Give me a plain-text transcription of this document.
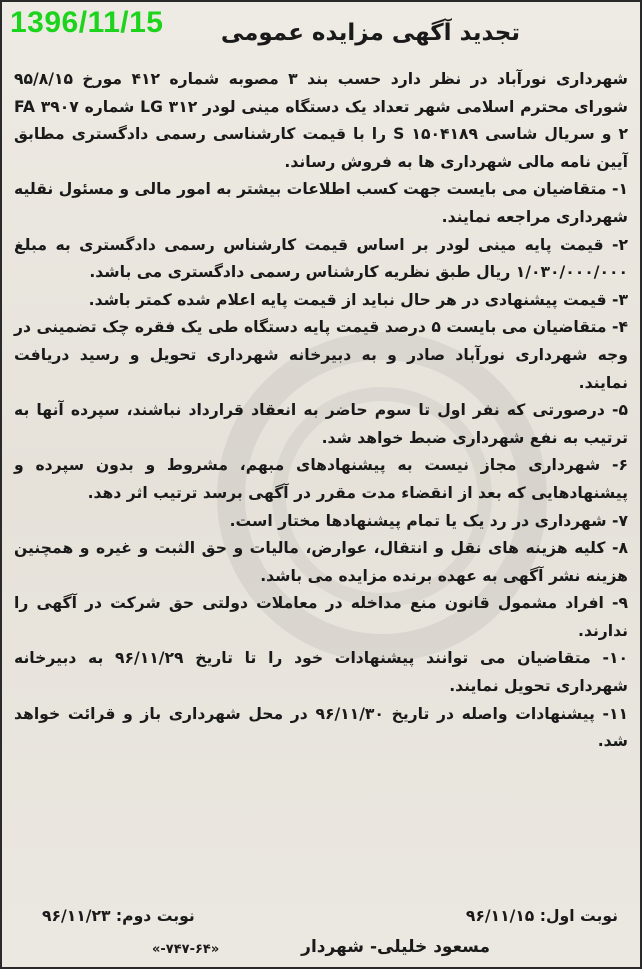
1396/11/15 تجدید آگهی مزایده عمومی

شهرداری نورآباد در نظر دارد حسب بند ۳ مصوبه شماره ۴۱۲ مورخ ۹۵/۸/۱۵ شورای محترم اسلامی شهر تعداد یک دستگاه مینی لودر LG ۳۱۲ شماره ۳۹۰۷ FA ۲ و سریال شاسی ۱۵۰۴۱۸۹ S را با قیمت کارشناسی رسمی دادگستری مطابق آیین نامه مالی شهرداری ها به فروش رساند.

۱- متقاضیان می بایست جهت کسب اطلاعات بیشتر به امور مالی و مسئول نقلیه شهرداری مراجعه نمایند.

۲- قیمت پایه مینی لودر بر اساس قیمت کارشناس رسمی دادگستری به مبلغ ۱/۰۳۰/۰۰۰/۰۰۰ ریال طبق نظریه کارشناس رسمی دادگستری می باشد.

۳- قیمت پیشنهادی در هر حال نباید از قیمت پایه اعلام شده کمتر باشد.

۴- متقاضیان می بایست ۵ درصد قیمت پایه دستگاه طی یک فقره چک تضمینی در وجه شهرداری نورآباد صادر و به دبیرخانه شهرداری تحویل و رسید دریافت نمایند.

۵- درصورتی که نفر اول تا سوم حاضر به انعقاد قرارداد نباشند، سپرده آنها به ترتیب به نفع شهرداری ضبط خواهد شد.

۶- شهرداری مجاز نیست به پیشنهادهای مبهم، مشروط و بدون سپرده و پیشنهادهایی که بعد از انقضاء مدت مقرر در آگهی برسد ترتیب اثر دهد.

۷- شهرداری در رد یک یا تمام پیشنهادها مختار است.

۸- کلیه هزینه های نقل و انتقال، عوارض، مالیات و حق الثبت و غیره و همچنین هزینه نشر آگهی به عهده برنده مزایده می باشد.

۹- افراد مشمول قانون منع مداخله در معاملات دولتی حق شرکت در آگهی را ندارند.

۱۰- متقاضیان می توانند پیشنهادات خود را تا تاریخ ۹۶/۱۱/۲۹ به دبیرخانه شهرداری تحویل نمایند.

۱۱- پیشنهادات واصله در تاریخ ۹۶/۱۱/۳۰ در محل شهرداری باز و قرائت خواهد شد.

نوبت اول: ۹۶/۱۱/۱۵
نوبت دوم: ۹۶/۱۱/۲۳
مسعود خلیلی- شهردار
«۷۴۷-۶۴-»
